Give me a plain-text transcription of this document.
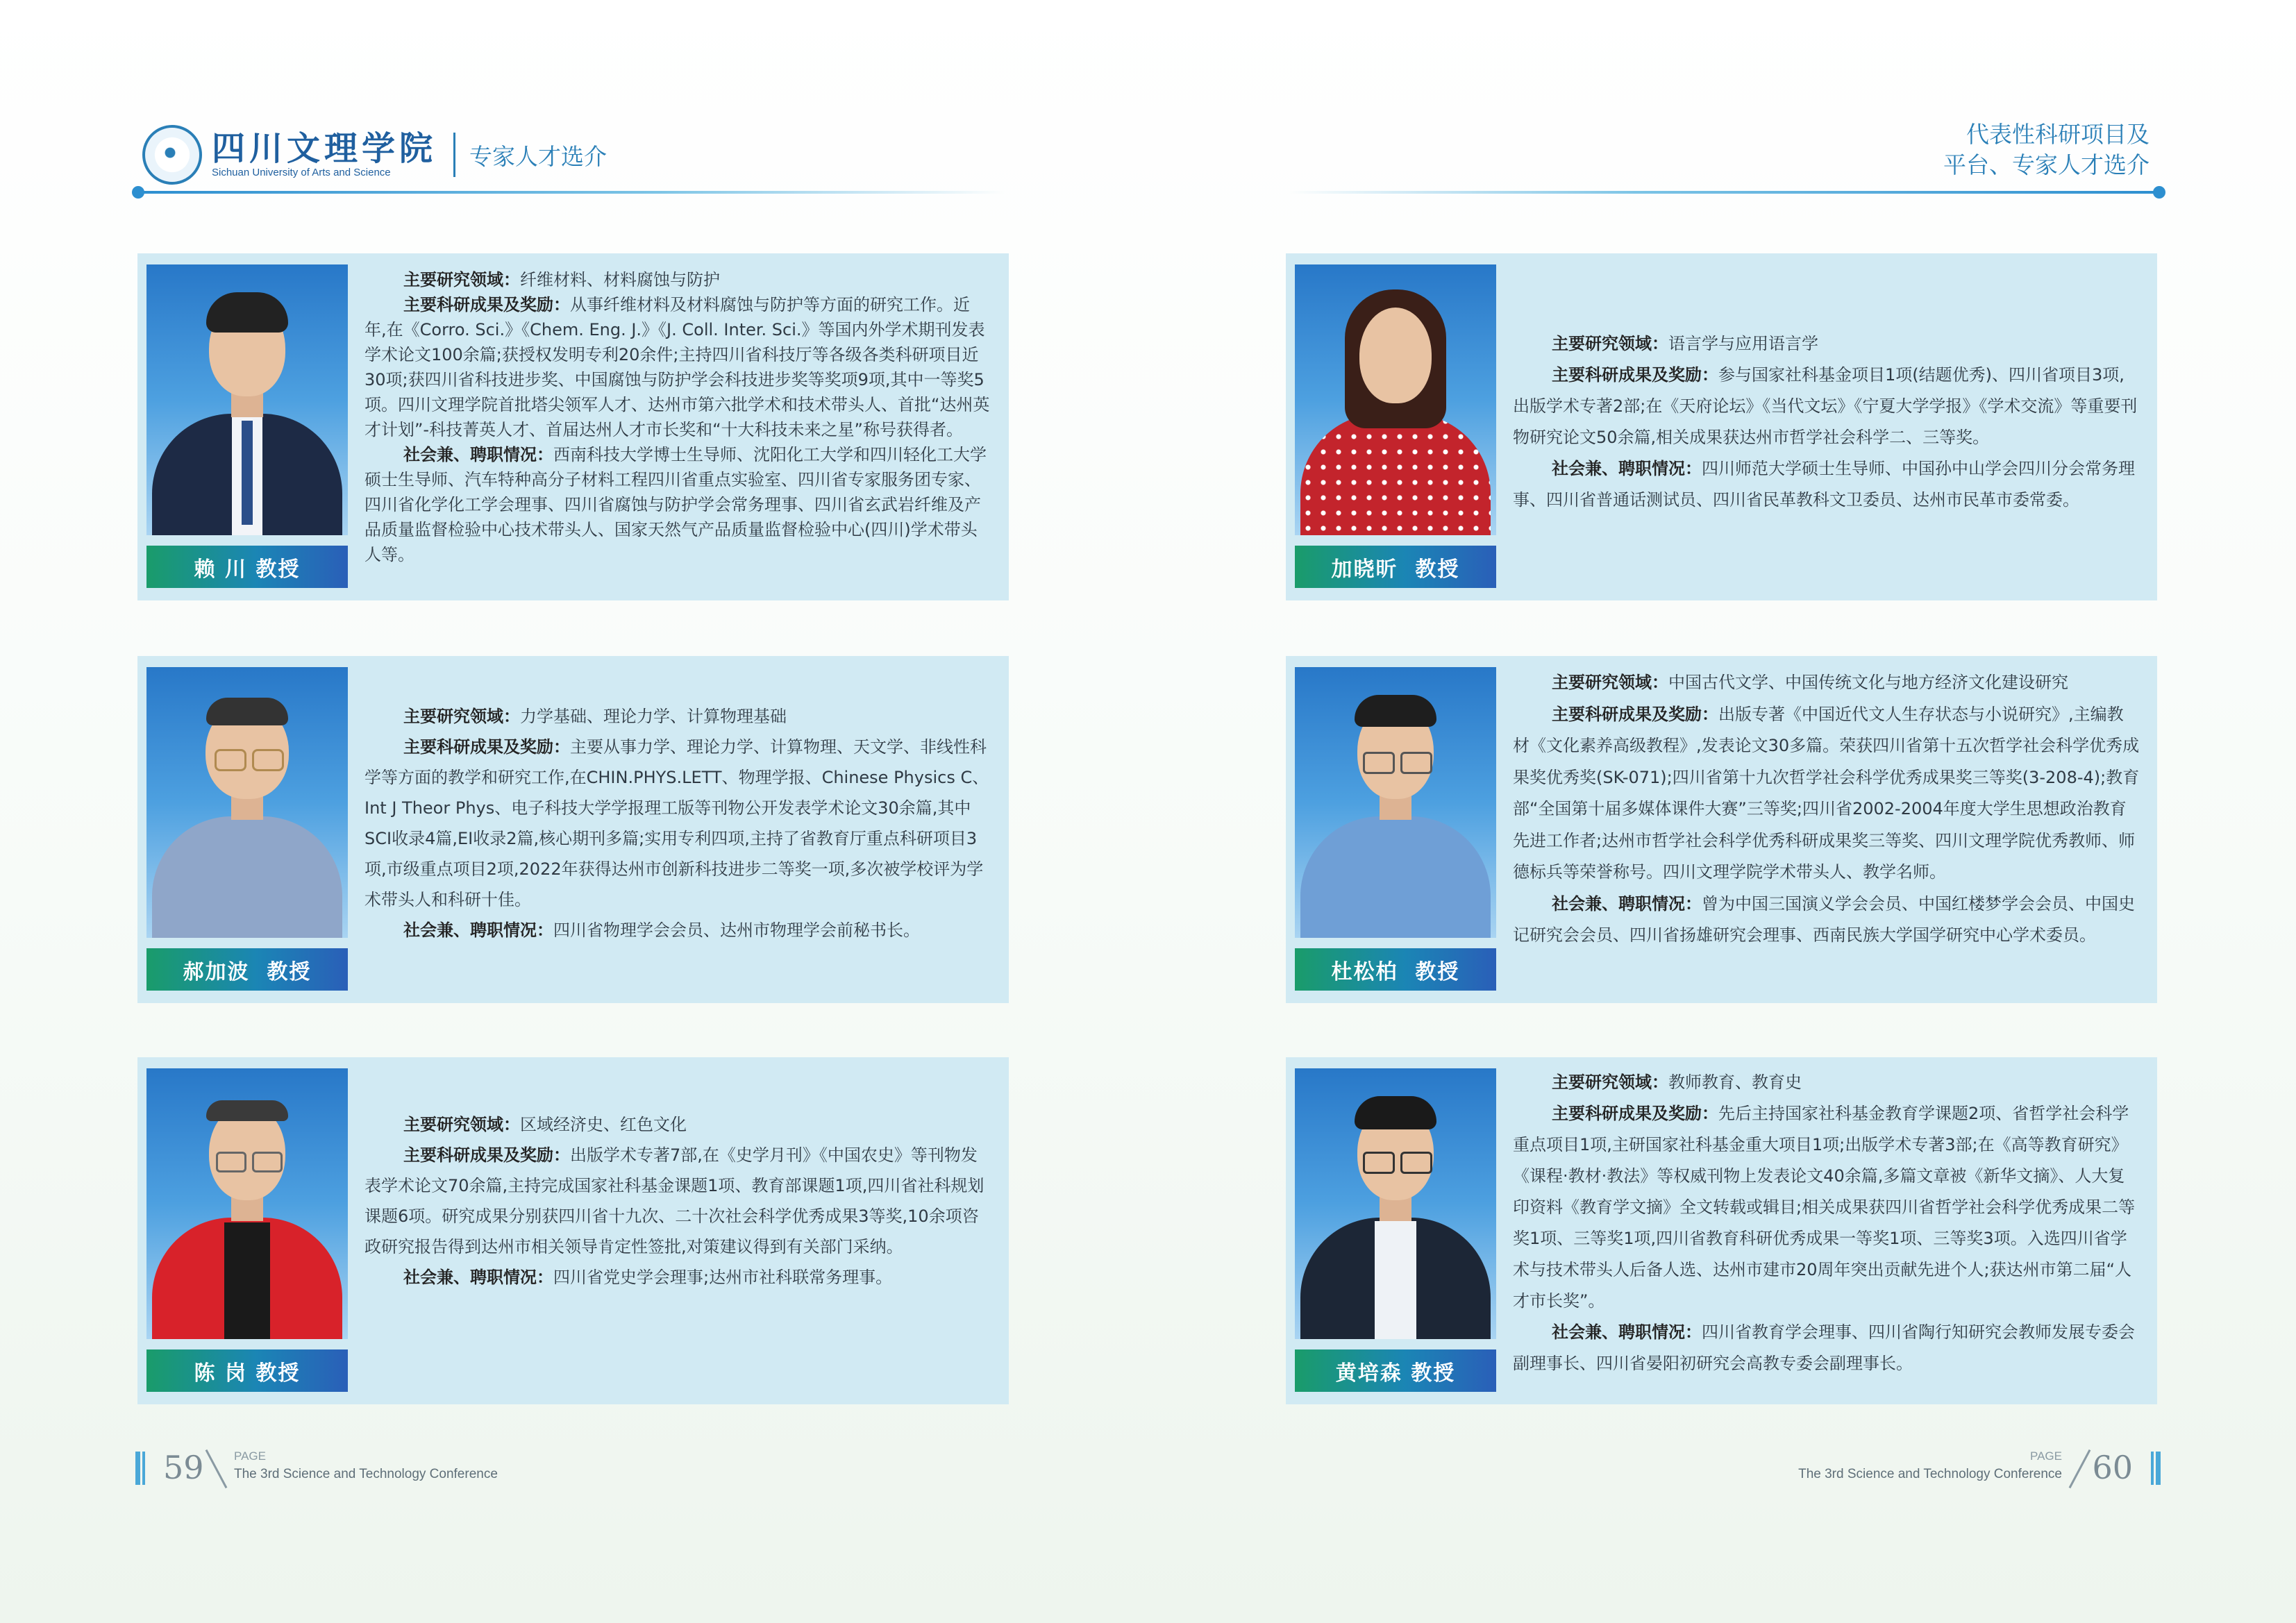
四川文理学院
Sichuan University of Arts and Science
专家人才选介
代表性科研项目及
平台、专家人才选介
赖 川 教授

主要研究领域：纤维材料、材料腐蚀与防护

主要科研成果及奖励：从事纤维材料及材料腐蚀与防护等方面的研究工作。近年,在《Corro. Sci.》《Chem. Eng. J.》《J. Coll. Inter. Sci.》等国内外学术期刊发表学术论文100余篇;获授权发明专利20余件;主持四川省科技厅等各级各类科研项目近30项;获四川省科技进步奖、中国腐蚀与防护学会科技进步奖等奖项9项,其中一等奖5项。四川文理学院首批塔尖领军人才、达州市第六批学术和技术带头人、首批“达州英才计划”-科技菁英人才、首届达州人才市长奖和“十大科技未来之星”称号获得者。

社会兼、聘职情况：西南科技大学博士生导师、沈阳化工大学和四川轻化工大学硕士生导师、汽车特种高分子材料工程四川省重点实验室、四川省专家服务团专家、四川省化学化工学会理事、四川省腐蚀与防护学会常务理事、四川省玄武岩纤维及产品质量监督检验中心技术带头人、国家天然气产品质量监督检验中心(四川)学术带头人等。

郝加波  教授

主要研究领域：力学基础、理论力学、计算物理基础

主要科研成果及奖励：主要从事力学、理论力学、计算物理、天文学、非线性科学等方面的教学和研究工作,在CHIN.PHYS.LETT、物理学报、Chinese Physics C、Int J Theor Phys、电子科技大学学报理工版等刊物公开发表学术论文30余篇,其中SCI收录4篇,EI收录2篇,核心期刊多篇;实用专利四项,主持了省教育厅重点科研项目3项,市级重点项目2项,2022年获得达州市创新科技进步二等奖一项,多次被学校评为学术带头人和科研十佳。

社会兼、聘职情况：四川省物理学会会员、达州市物理学会前秘书长。

陈 岗 教授

主要研究领域：区域经济史、红色文化

主要科研成果及奖励：出版学术专著7部,在《史学月刊》《中国农史》等刊物发表学术论文70余篇,主持完成国家社科基金课题1项、教育部课题1项,四川省社科规划课题6项。研究成果分别获四川省十九次、二十次社会科学优秀成果3等奖,10余项咨政研究报告得到达州市相关领导肯定性签批,对策建议得到有关部门采纳。

社会兼、聘职情况：四川省党史学会理事;达州市社科联常务理事。

加晓昕  教授

主要研究领域：语言学与应用语言学

主要科研成果及奖励：参与国家社科基金项目1项(结题优秀)、四川省项目3项,出版学术专著2部;在《天府论坛》《当代文坛》《宁夏大学学报》《学术交流》等重要刊物研究论文50余篇,相关成果获达州市哲学社会科学二、三等奖。

社会兼、聘职情况：四川师范大学硕士生导师、中国孙中山学会四川分会常务理事、四川省普通话测试员、四川省民革教科文卫委员、达州市民革市委常委。

杜松柏  教授

主要研究领域：中国古代文学、中国传统文化与地方经济文化建设研究

主要科研成果及奖励：出版专著《中国近代文人生存状态与小说研究》,主编教材《文化素养高级教程》,发表论文30多篇。荣获四川省第十五次哲学社会科学优秀成果奖优秀奖(SK-071);四川省第十九次哲学社会科学优秀成果奖三等奖(3-208-4);教育部“全国第十届多媒体课件大赛”三等奖;四川省2002-2004年度大学生思想政治教育先进工作者;达州市哲学社会科学优秀科研成果奖三等奖、四川文理学院优秀教师、师德标兵等荣誉称号。四川文理学院学术带头人、教学名师。

社会兼、聘职情况：曾为中国三国演义学会会员、中国红楼梦学会会员、中国史记研究会会员、四川省扬雄研究会理事、西南民族大学国学研究中心学术委员。

黄培森 教授

主要研究领域：教师教育、教育史

主要科研成果及奖励：先后主持国家社科基金教育学课题2项、省哲学社会科学重点项目1项,主研国家社科基金重大项目1项;出版学术专著3部;在《高等教育研究》《课程·教材·教法》等权威刊物上发表论文40余篇,多篇文章被《新华文摘》、人大复印资料《教育学文摘》全文转载或辑目;相关成果获四川省哲学社会科学优秀成果二等奖1项、三等奖1项,四川省教育科研优秀成果一等奖1项、三等奖3项。入选四川省学术与技术带头人后备人选、达州市建市20周年突出贡献先进个人;获达州市第二届“人才市长奖”。

社会兼、聘职情况：四川省教育学会理事、四川省陶行知研究会教师发展专委会副理事长、四川省晏阳初研究会高教专委会副理事长。

59	PAGE
The 3rd Science and Technology Conference
PAGE
The 3rd Science and Technology Conference 60
